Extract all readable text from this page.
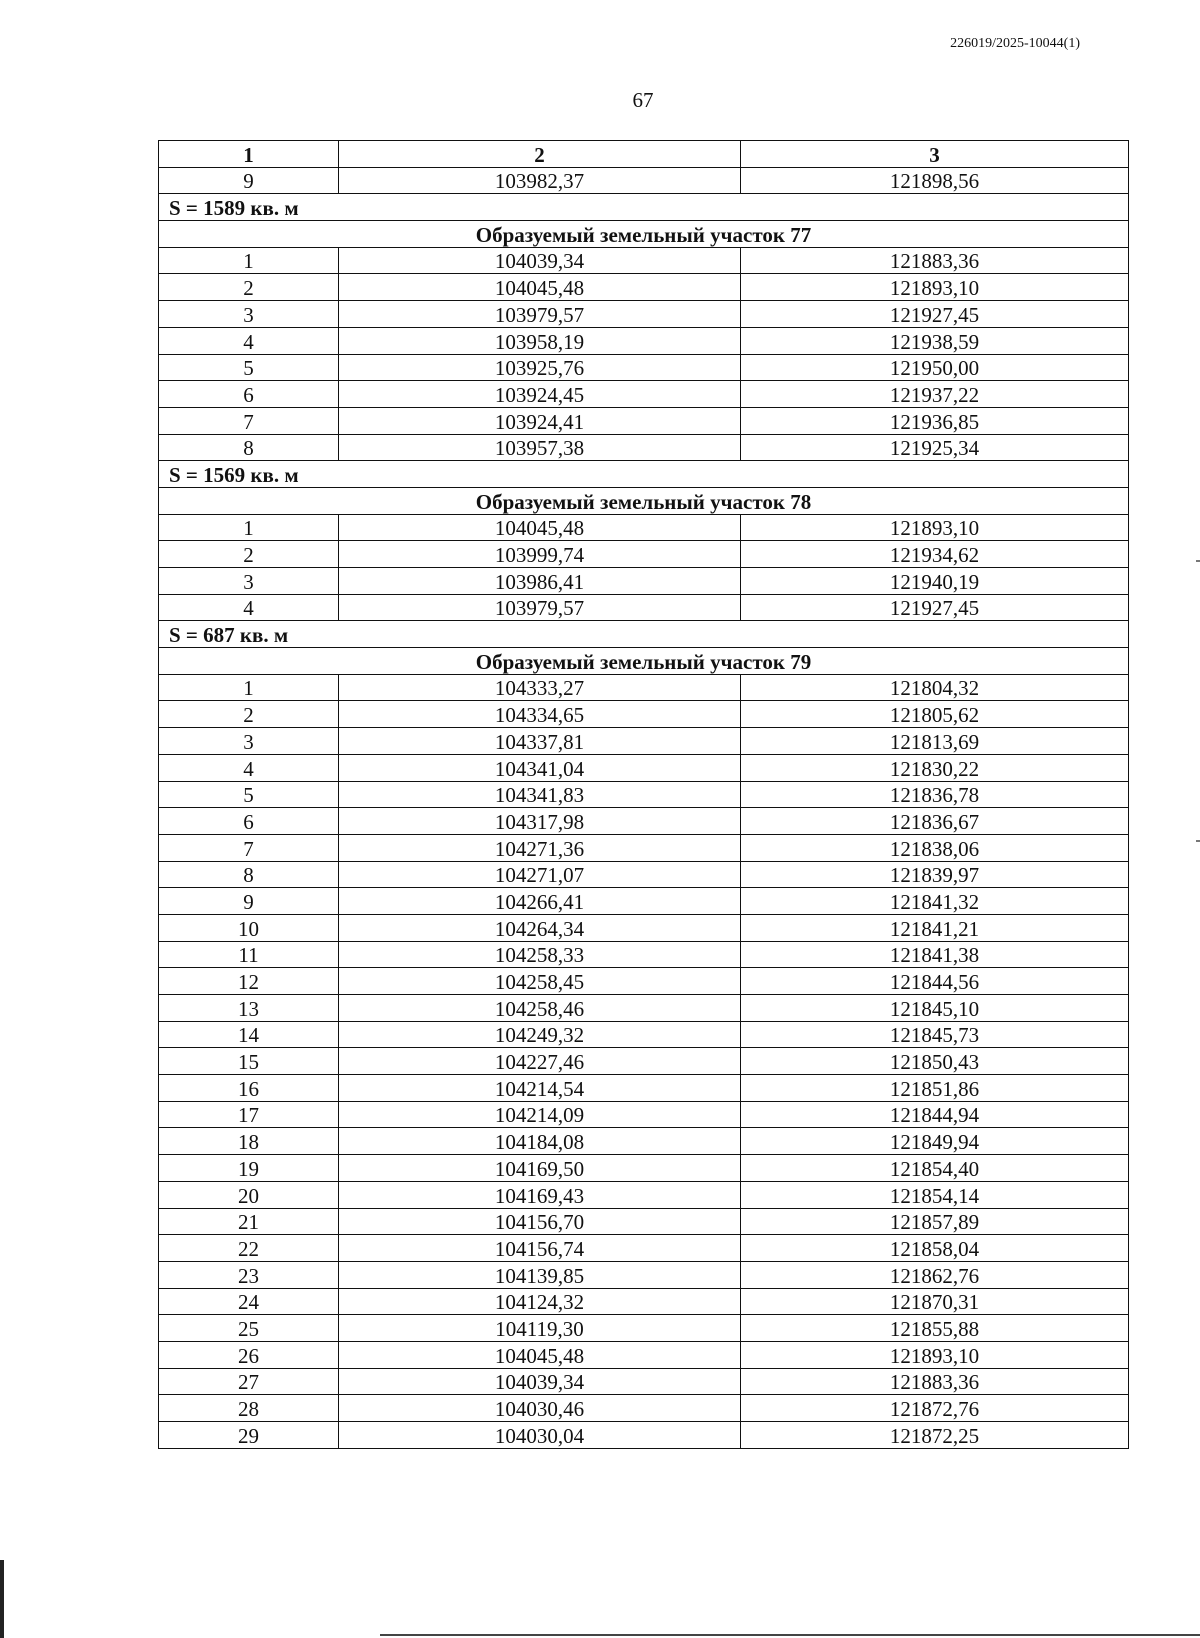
226019/2025-10044(1)
67
1	2	3
9	103982,37	121898,56
S = 1589 кв. м		
Образуемый земельный участок 77		
1	104039,34	121883,36
2	104045,48	121893,10
3	103979,57	121927,45
4	103958,19	121938,59
5	103925,76	121950,00
6	103924,45	121937,22
7	103924,41	121936,85
8	103957,38	121925,34
S = 1569 кв. м		
Образуемый земельный участок 78		
1	104045,48	121893,10
2	103999,74	121934,62
3	103986,41	121940,19
4	103979,57	121927,45
S = 687 кв. м		
Образуемый земельный участок 79		
1	104333,27	121804,32
2	104334,65	121805,62
3	104337,81	121813,69
4	104341,04	121830,22
5	104341,83	121836,78
6	104317,98	121836,67
7	104271,36	121838,06
8	104271,07	121839,97
9	104266,41	121841,32
10	104264,34	121841,21
11	104258,33	121841,38
12	104258,45	121844,56
13	104258,46	121845,10
14	104249,32	121845,73
15	104227,46	121850,43
16	104214,54	121851,86
17	104214,09	121844,94
18	104184,08	121849,94
19	104169,50	121854,40
20	104169,43	121854,14
21	104156,70	121857,89
22	104156,74	121858,04
23	104139,85	121862,76
24	104124,32	121870,31
25	104119,30	121855,88
26	104045,48	121893,10
27	104039,34	121883,36
28	104030,46	121872,76
29	104030,04	121872,25
